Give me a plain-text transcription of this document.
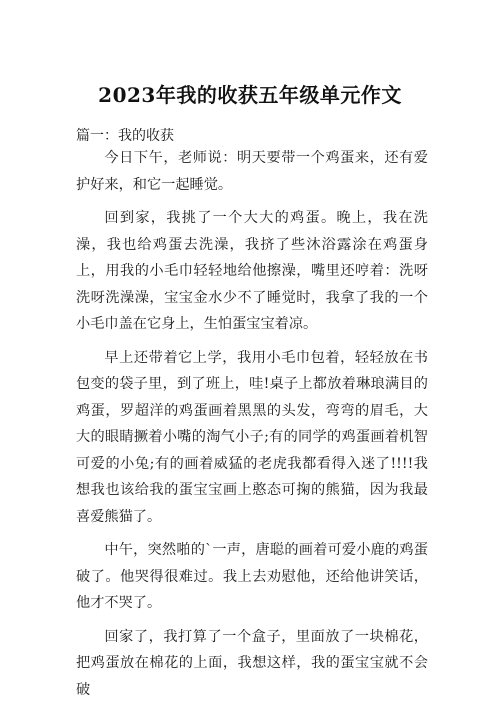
2023年我的收获五年级单元作文
篇一：我的收获

今日下午，老师说：明天要带一个鸡蛋来，还有爱护好来，和它一起睡觉。

回到家，我挑了一个大大的鸡蛋。晚上，我在洗澡，我也给鸡蛋去洗澡，我挤了些沐浴露涂在鸡蛋身上，用我的小毛巾轻轻地给他擦澡，嘴里还哼着：洗呀洗呀洗澡澡，宝宝金水少不了睡觉时，我拿了我的一个小毛巾盖在它身上，生怕蛋宝宝着凉。

早上还带着它上学，我用小毛巾包着，轻轻放在书包变的袋子里，到了班上，哇!桌子上都放着琳琅满目的鸡蛋，罗超洋的鸡蛋画着黑黑的头发，弯弯的眉毛，大大的眼睛撅着小嘴的淘气小子;有的同学的鸡蛋画着机智可爱的小兔;有的画着威猛的老虎我都看得入迷了!!!!我想我也该给我的蛋宝宝画上憨态可掬的熊猫，因为我最喜爱熊猫了。

中午，突然啪的`一声，唐聪的画着可爱小鹿的鸡蛋破了。他哭得很难过。我上去劝慰他，还给他讲笑话，他才不哭了。

回家了，我打算了一个盒子，里面放了一块棉花，把鸡蛋放在棉花的上面，我想这样，我的蛋宝宝就不会破
